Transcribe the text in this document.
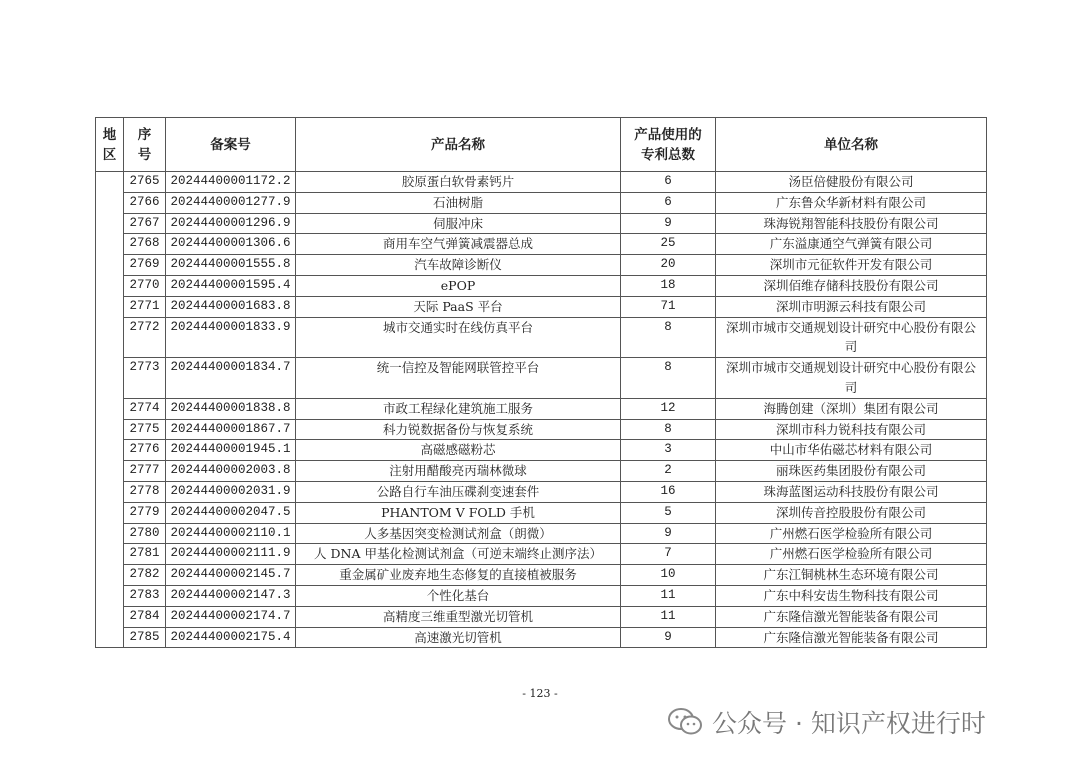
地区	序号	备案号	产品名称	产品使用的专利总数	单位名称
	2765	20244400001172.2	胶原蛋白软骨素钙片	6	汤臣倍健股份有限公司
	2766	20244400001277.9	石油树脂	6	广东鲁众华新材料有限公司
	2767	20244400001296.9	伺服冲床	9	珠海锐翔智能科技股份有限公司
	2768	20244400001306.6	商用车空气弹簧减震器总成	25	广东溢康通空气弹簧有限公司
	2769	20244400001555.8	汽车故障诊断仪	20	深圳市元征软件开发有限公司
	2770	20244400001595.4	ePOP	18	深圳佰维存储科技股份有限公司
	2771	20244400001683.8	天际 PaaS 平台	71	深圳市明源云科技有限公司
	2772	20244400001833.9	城市交通实时在线仿真平台	8	深圳市城市交通规划设计研究中心股份有限公司
	2773	20244400001834.7	统一信控及智能网联管控平台	8	深圳市城市交通规划设计研究中心股份有限公司
	2774	20244400001838.8	市政工程绿化建筑施工服务	12	海腾创建（深圳）集团有限公司
	2775	20244400001867.7	科力锐数据备份与恢复系统	8	深圳市科力锐科技有限公司
	2776	20244400001945.1	高磁感磁粉芯	3	中山市华佑磁芯材料有限公司
	2777	20244400002003.8	注射用醋酸亮丙瑞林微球	2	丽珠医药集团股份有限公司
	2778	20244400002031.9	公路自行车油压碟刹变速套件	16	珠海蓝图运动科技股份有限公司
	2779	20244400002047.5	PHANTOM V FOLD 手机	5	深圳传音控股股份有限公司
	2780	20244400002110.1	人多基因突变检测试剂盒（朗微）	9	广州燃石医学检验所有限公司
	2781	20244400002111.9	人 DNA 甲基化检测试剂盒（可逆末端终止测序法）	7	广州燃石医学检验所有限公司
	2782	20244400002145.7	重金属矿业废弃地生态修复的直接植被服务	10	广东江铜桃林生态环境有限公司
	2783	20244400002147.3	个性化基台	11	广东中科安齿生物科技有限公司
	2784	20244400002174.7	高精度三维重型激光切管机	11	广东隆信激光智能装备有限公司
	2785	20244400002175.4	高速激光切管机	9	广东隆信激光智能装备有限公司
- 123 -
公众号 · 知识产权进行时
